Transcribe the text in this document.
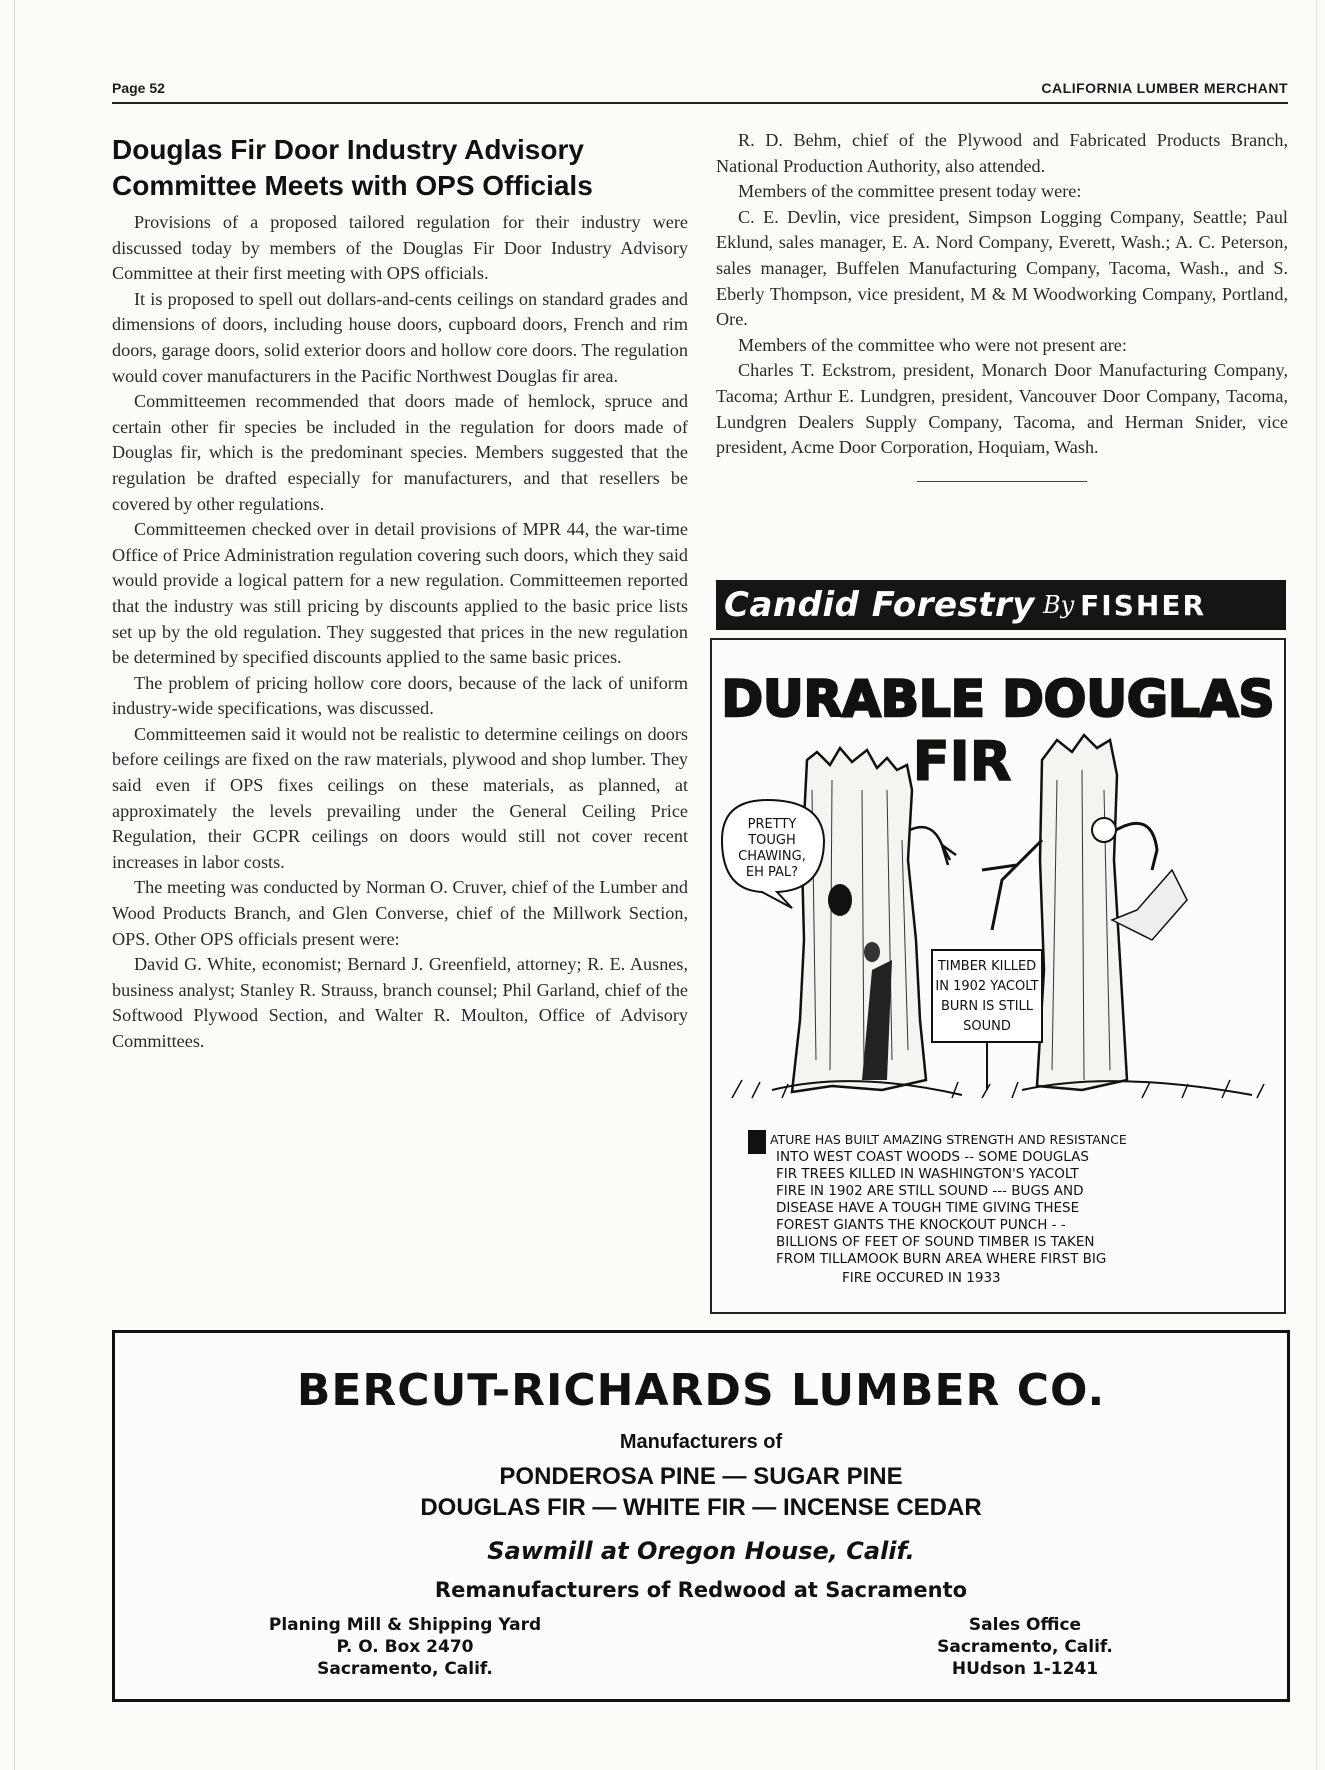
Page 52	CALIFORNIA LUMBER MERCHANT
Douglas Fir Door Industry Advisory
Committee Meets with OPS Officials

Provisions of a proposed tailored regulation for their industry were discussed today by members of the Douglas Fir Door Industry Advisory Committee at their first meeting with OPS officials.

It is proposed to spell out dollars-and-cents ceilings on standard grades and dimensions of doors, including house doors, cupboard doors, French and rim doors, garage doors, solid exterior doors and hollow core doors. The regulation would cover manufacturers in the Pacific Northwest Douglas fir area.

Committeemen recommended that doors made of hemlock, spruce and certain other fir species be included in the regulation for doors made of Douglas fir, which is the predominant species. Members suggested that the regulation be drafted especially for manufacturers, and that resellers be covered by other regulations.

Committeemen checked over in detail provisions of MPR 44, the war-time Office of Price Administration regulation covering such doors, which they said would provide a logical pattern for a new regulation. Committeemen reported that the industry was still pricing by discounts applied to the basic price lists set up by the old regulation. They suggested that prices in the new regulation be determined by specified discounts applied to the same basic prices.

The problem of pricing hollow core doors, because of the lack of uniform industry-wide specifications, was discussed.

Committeemen said it would not be realistic to determine ceilings on doors before ceilings are fixed on the raw materials, plywood and shop lumber. They said even if OPS fixes ceilings on these materials, as planned, at approximately the levels prevailing under the General Ceiling Price Regulation, their GCPR ceilings on doors would still not cover recent increases in labor costs.

The meeting was conducted by Norman O. Cruver, chief of the Lumber and Wood Products Branch, and Glen Converse, chief of the Millwork Section, OPS. Other OPS officials present were:

David G. White, economist; Bernard J. Greenfield, attorney; R. E. Ausnes, business analyst; Stanley R. Strauss, branch counsel; Phil Garland, chief of the Softwood Plywood Section, and Walter R. Moulton, Office of Advisory Committees.

R. D. Behm, chief of the Plywood and Fabricated Products Branch, National Production Authority, also attended.

Members of the committee present today were:

C. E. Devlin, vice president, Simpson Logging Company, Seattle; Paul Eklund, sales manager, E. A. Nord Company, Everett, Wash.; A. C. Peterson, sales manager, Buffelen Manufacturing Company, Tacoma, Wash., and S. Eberly Thompson, vice president, M & M Woodworking Company, Portland, Ore.

Members of the committee who were not present are:

Charles T. Eckstrom, president, Monarch Door Manufacturing Company, Tacoma; Arthur E. Lundgren, president, Vancouver Door Company, Tacoma, Lundgren Dealers Supply Company, Tacoma, and Herman Snider, vice president, Acme Door Corporation, Hoquiam, Wash.

Candid Forestry By FISHER
DURABLE DOUGLAS
FIR
PRETTY
TOUGH
CHAWING,
EH PAL?
TIMBER KILLED
IN 1902 YACOLT
BURN IS STILL
SOUND
N ATURE HAS BUILT AMAZING STRENGTH AND RESISTANCE
INTO WEST COAST WOODS -- SOME DOUGLAS
FIR TREES KILLED IN WASHINGTON'S YACOLT
FIRE IN 1902 ARE STILL SOUND --- BUGS AND
DISEASE HAVE A TOUGH TIME GIVING THESE
FOREST GIANTS THE KNOCKOUT PUNCH - -
BILLIONS OF FEET OF SOUND TIMBER IS TAKEN
FROM TILLAMOOK BURN AREA WHERE FIRST BIG
FIRE OCCURED IN 1933
BERCUT-RICHARDS LUMBER CO.
Manufacturers of
PONDEROSA PINE — SUGAR PINE
DOUGLAS FIR — WHITE FIR — INCENSE CEDAR
Sawmill at Oregon House, Calif.
Remanufacturers of Redwood at Sacramento
Planing Mill & Shipping Yard
P. O. Box 2470
Sacramento, Calif.
Sales Office
Sacramento, Calif.
HUdson 1-1241
